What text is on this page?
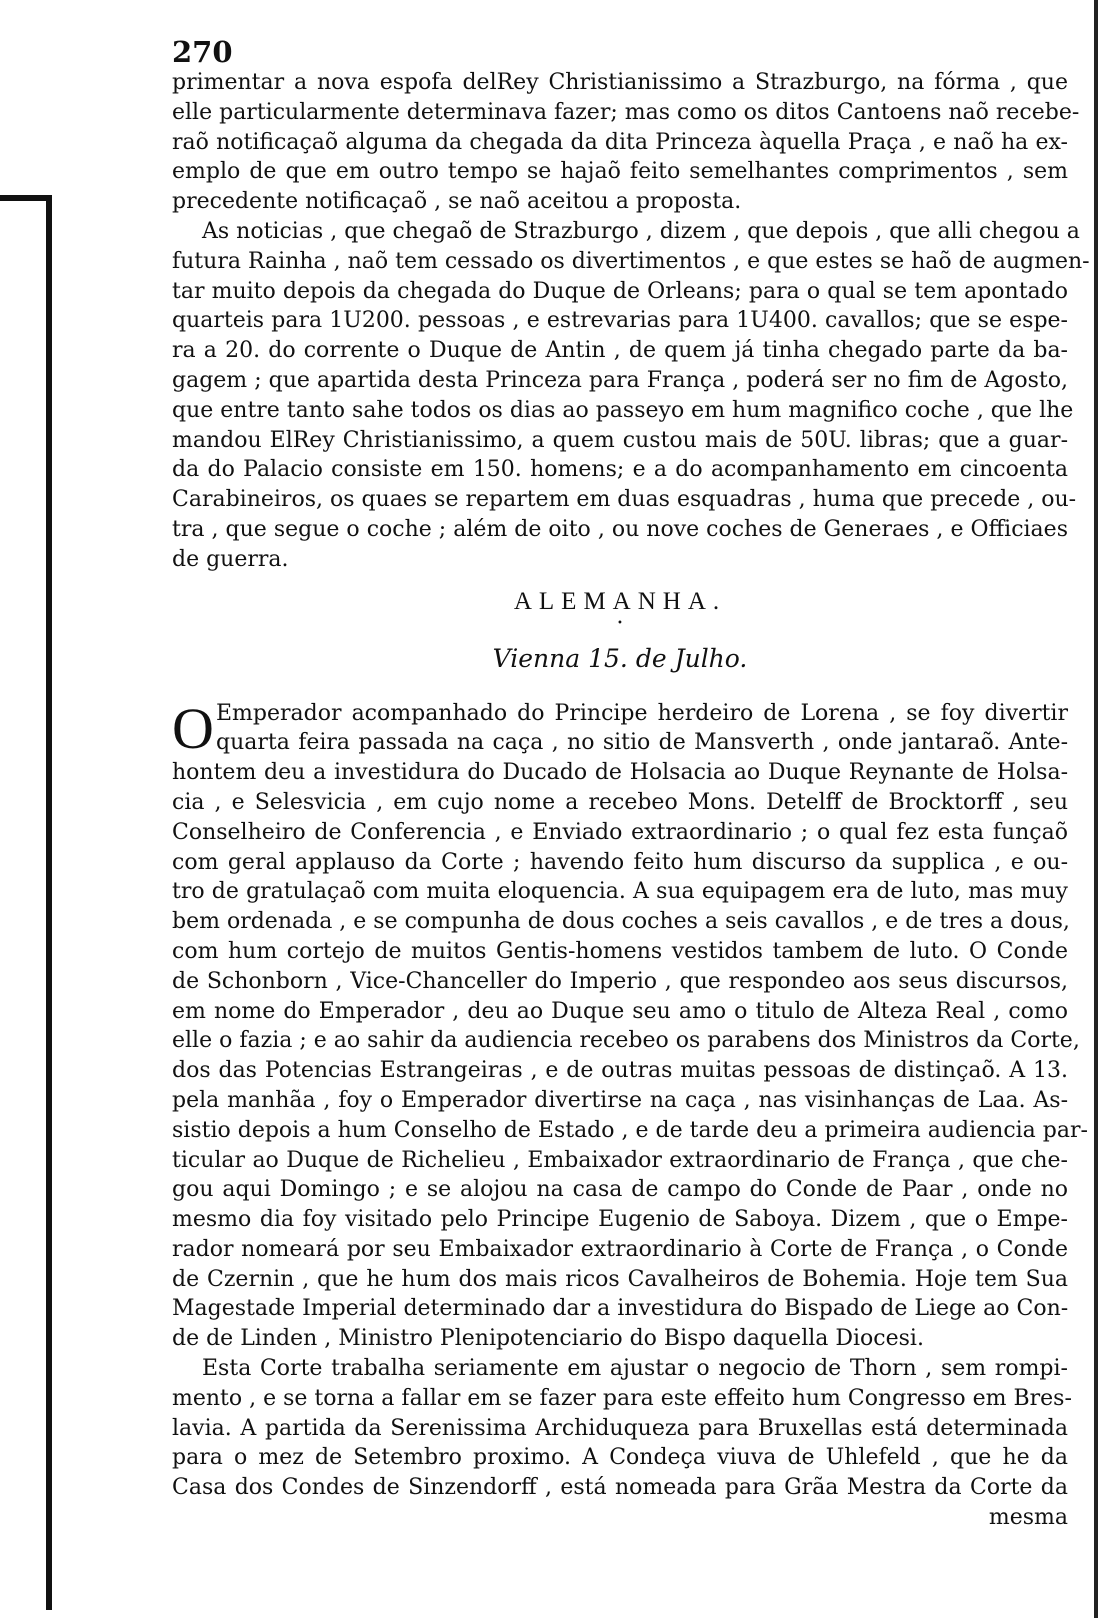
270
primentar a nova espofa delRey Christianissimo a Strazburgo, na fórma , que
elle particularmente determinava fazer; mas como os ditos Cantoens naõ recebe-
raõ notificaçaõ alguma da chegada da dita Princeza àquella Praça , e naõ ha ex-
emplo de que em outro tempo se hajaõ feito semelhantes comprimentos , sem
precedente notificaçaõ , se naõ aceitou a proposta.
As noticias , que chegaõ de Strazburgo , dizem , que depois , que alli chegou a
futura Rainha , naõ tem cessado os divertimentos , e que estes se haõ de augmen-
tar muito depois da chegada do Duque de Orleans; para o qual se tem apontado
quarteis para 1U200. pessoas , e estrevarias para 1U400. cavallos; que se espe-
ra a 20. do corrente o Duque de Antin , de quem já tinha chegado parte da ba-
gagem ; que apartida desta Princeza para França , poderá ser no fim de Agosto,
que entre tanto sahe todos os dias ao passeyo em hum magnifico coche , que lhe
mandou ElRey Christianissimo, a quem custou mais de 50U. libras; que a guar-
da do Palacio consiste em 150. homens; e a do acompanhamento em cincoenta
Carabineiros, os quaes se repartem em duas esquadras , huma que precede , ou-
tra , que segue o coche ; além de oito , ou nove coches de Generaes , e Officiaes
de guerra.
ALEMANHA.
•
Vienna 15. de Julho.
O Emperador acompanhado do Principe herdeiro de Lorena , se foy divertir
quarta feira passada na caça , no sitio de Mansverth , onde jantaraõ. Ante-
hontem deu a investidura do Ducado de Holsacia ao Duque Reynante de Holsa-
cia , e Selesvicia , em cujo nome a recebeo Mons. Detelff de Brocktorff , seu
Conselheiro de Conferencia , e Enviado extraordinario ; o qual fez esta funçaõ
com geral applauso da Corte ; havendo feito hum discurso da supplica , e ou-
tro de gratulaçaõ com muita eloquencia. A sua equipagem era de luto, mas muy
bem ordenada , e se compunha de dous coches a seis cavallos , e de tres a dous,
com hum cortejo de muitos Gentis-homens vestidos tambem de luto. O Conde
de Schonborn , Vice-Chanceller do Imperio , que respondeo aos seus discursos,
em nome do Emperador , deu ao Duque seu amo o titulo de Alteza Real , como
elle o fazia ; e ao sahir da audiencia recebeo os parabens dos Ministros da Corte,
dos das Potencias Estrangeiras , e de outras muitas pessoas de distinçaõ. A 13.
pela manhãa , foy o Emperador divertirse na caça , nas visinhanças de Laa. As-
sistio depois a hum Conselho de Estado , e de tarde deu a primeira audiencia par-
ticular ao Duque de Richelieu , Embaixador extraordinario de França , que che-
gou aqui Domingo ; e se alojou na casa de campo do Conde de Paar , onde no
mesmo dia foy visitado pelo Principe Eugenio de Saboya. Dizem , que o Empe-
rador nomeará por seu Embaixador extraordinario à Corte de França , o Conde
de Czernin , que he hum dos mais ricos Cavalheiros de Bohemia. Hoje tem Sua
Magestade Imperial determinado dar a investidura do Bispado de Liege ao Con-
de de Linden , Ministro Plenipotenciario do Bispo daquella Diocesi.
Esta Corte trabalha seriamente em ajustar o negocio de Thorn , sem rompi-
mento , e se torna a fallar em se fazer para este effeito hum Congresso em Bres-
lavia. A partida da Serenissima Archiduqueza para Bruxellas está determinada
para o mez de Setembro proximo. A Condeça viuva de Uhlefeld , que he da
Casa dos Condes de Sinzendorff , está nomeada para Grãa Mestra da Corte da
mesma
